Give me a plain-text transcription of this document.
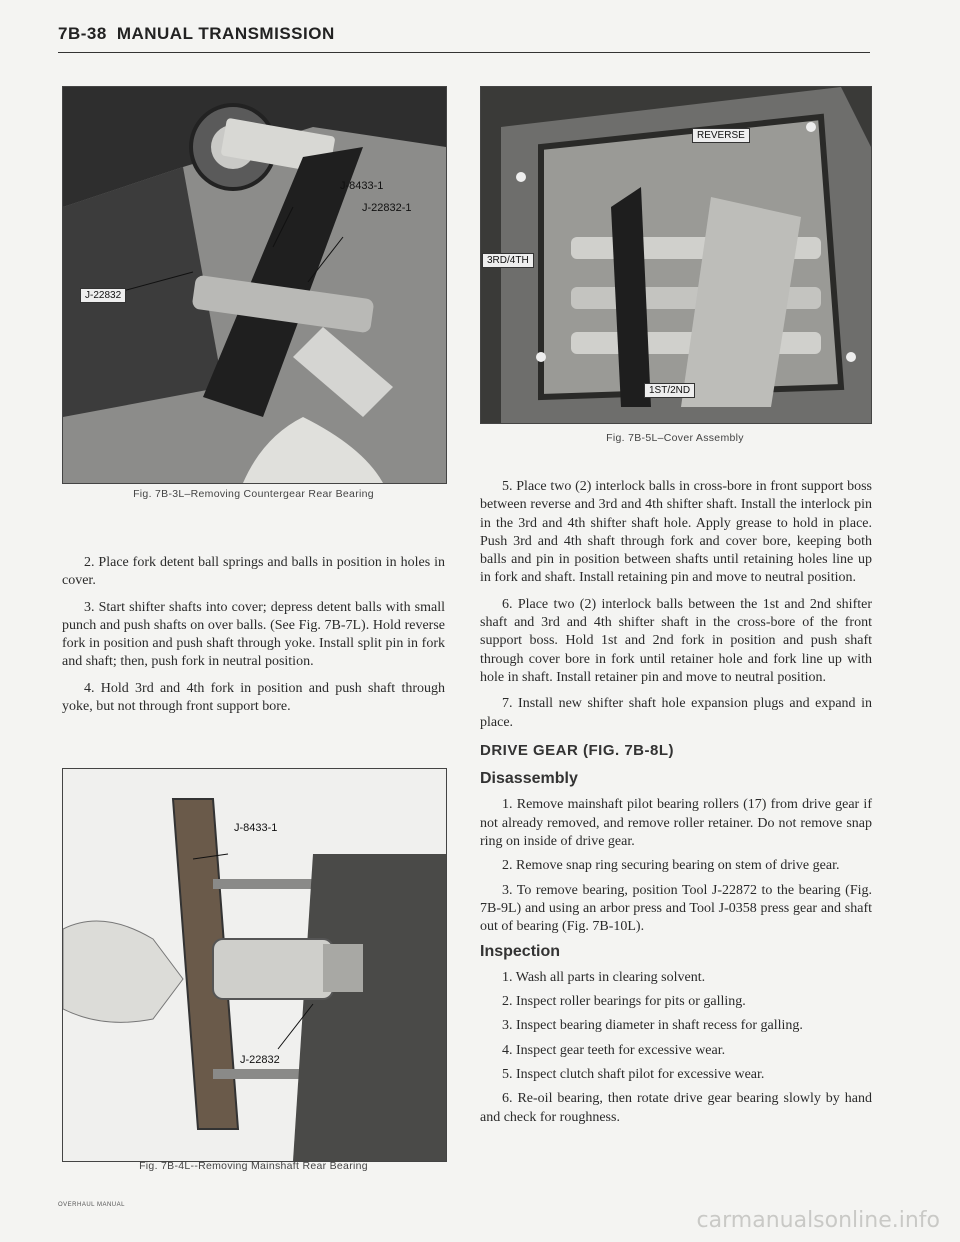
7B-38 MANUAL TRANSMISSION
J-8433-1
J-22832-1
J-22832
Fig. 7B-3L–Removing Countergear Rear Bearing

2. Place fork detent ball springs and balls in position in holes in cover.

3. Start shifter shafts into cover; depress detent balls with small punch and push shafts on over balls. (See Fig. 7B-7L). Hold reverse fork in position and push shaft through yoke. Install split pin in fork and shaft; then, push fork in neutral position.

4. Hold 3rd and 4th fork in position and push shaft through yoke, but not through front support bore.

J-8433-1
J-22832
Fig. 7B-4L--Removing Mainshaft Rear Bearing
REVERSE
3RD/4TH
1ST/2ND
Fig. 7B-5L–Cover Assembly

5. Place two (2) interlock balls in cross-bore in front support boss between reverse and 3rd and 4th shifter shaft. Install the interlock pin in the 3rd and 4th shifter shaft hole. Apply grease to hold in place. Push 3rd and 4th shaft through fork and cover bore, keeping both balls and pin in position between shafts until retaining holes line up in fork and shaft. Install retaining pin and move to neutral position.

6. Place two (2) interlock balls between the 1st and 2nd shifter shaft and 3rd and 4th shifter shaft in the cross-bore of the front support boss. Hold 1st and 2nd fork in position and push shaft through cover bore in fork until retainer hole and fork line up with hole in shaft. Install retainer pin and move to neutral position.

7. Install new shifter shaft hole expansion plugs and expand in place.

DRIVE GEAR (FIG. 7B-8L)
Disassembly
1. Remove mainshaft pilot bearing rollers (17) from drive gear if not already removed, and remove roller retainer. Do not remove snap ring on inside of drive gear.
2. Remove snap ring securing bearing on stem of drive gear.
3. To remove bearing, position Tool J-22872 to the bearing (Fig. 7B-9L) and using an arbor press and Tool J-0358 press gear and shaft out of bearing (Fig. 7B-10L).
Inspection
1. Wash all parts in clearing solvent.
2. Inspect roller bearings for pits or galling.
3. Inspect bearing diameter in shaft recess for galling.
4. Inspect gear teeth for excessive wear.
5. Inspect clutch shaft pilot for excessive wear.
6. Re-oil bearing, then rotate drive gear bearing slowly by hand and check for roughness.
OVERHAUL MANUAL
carmanualsonline.info
